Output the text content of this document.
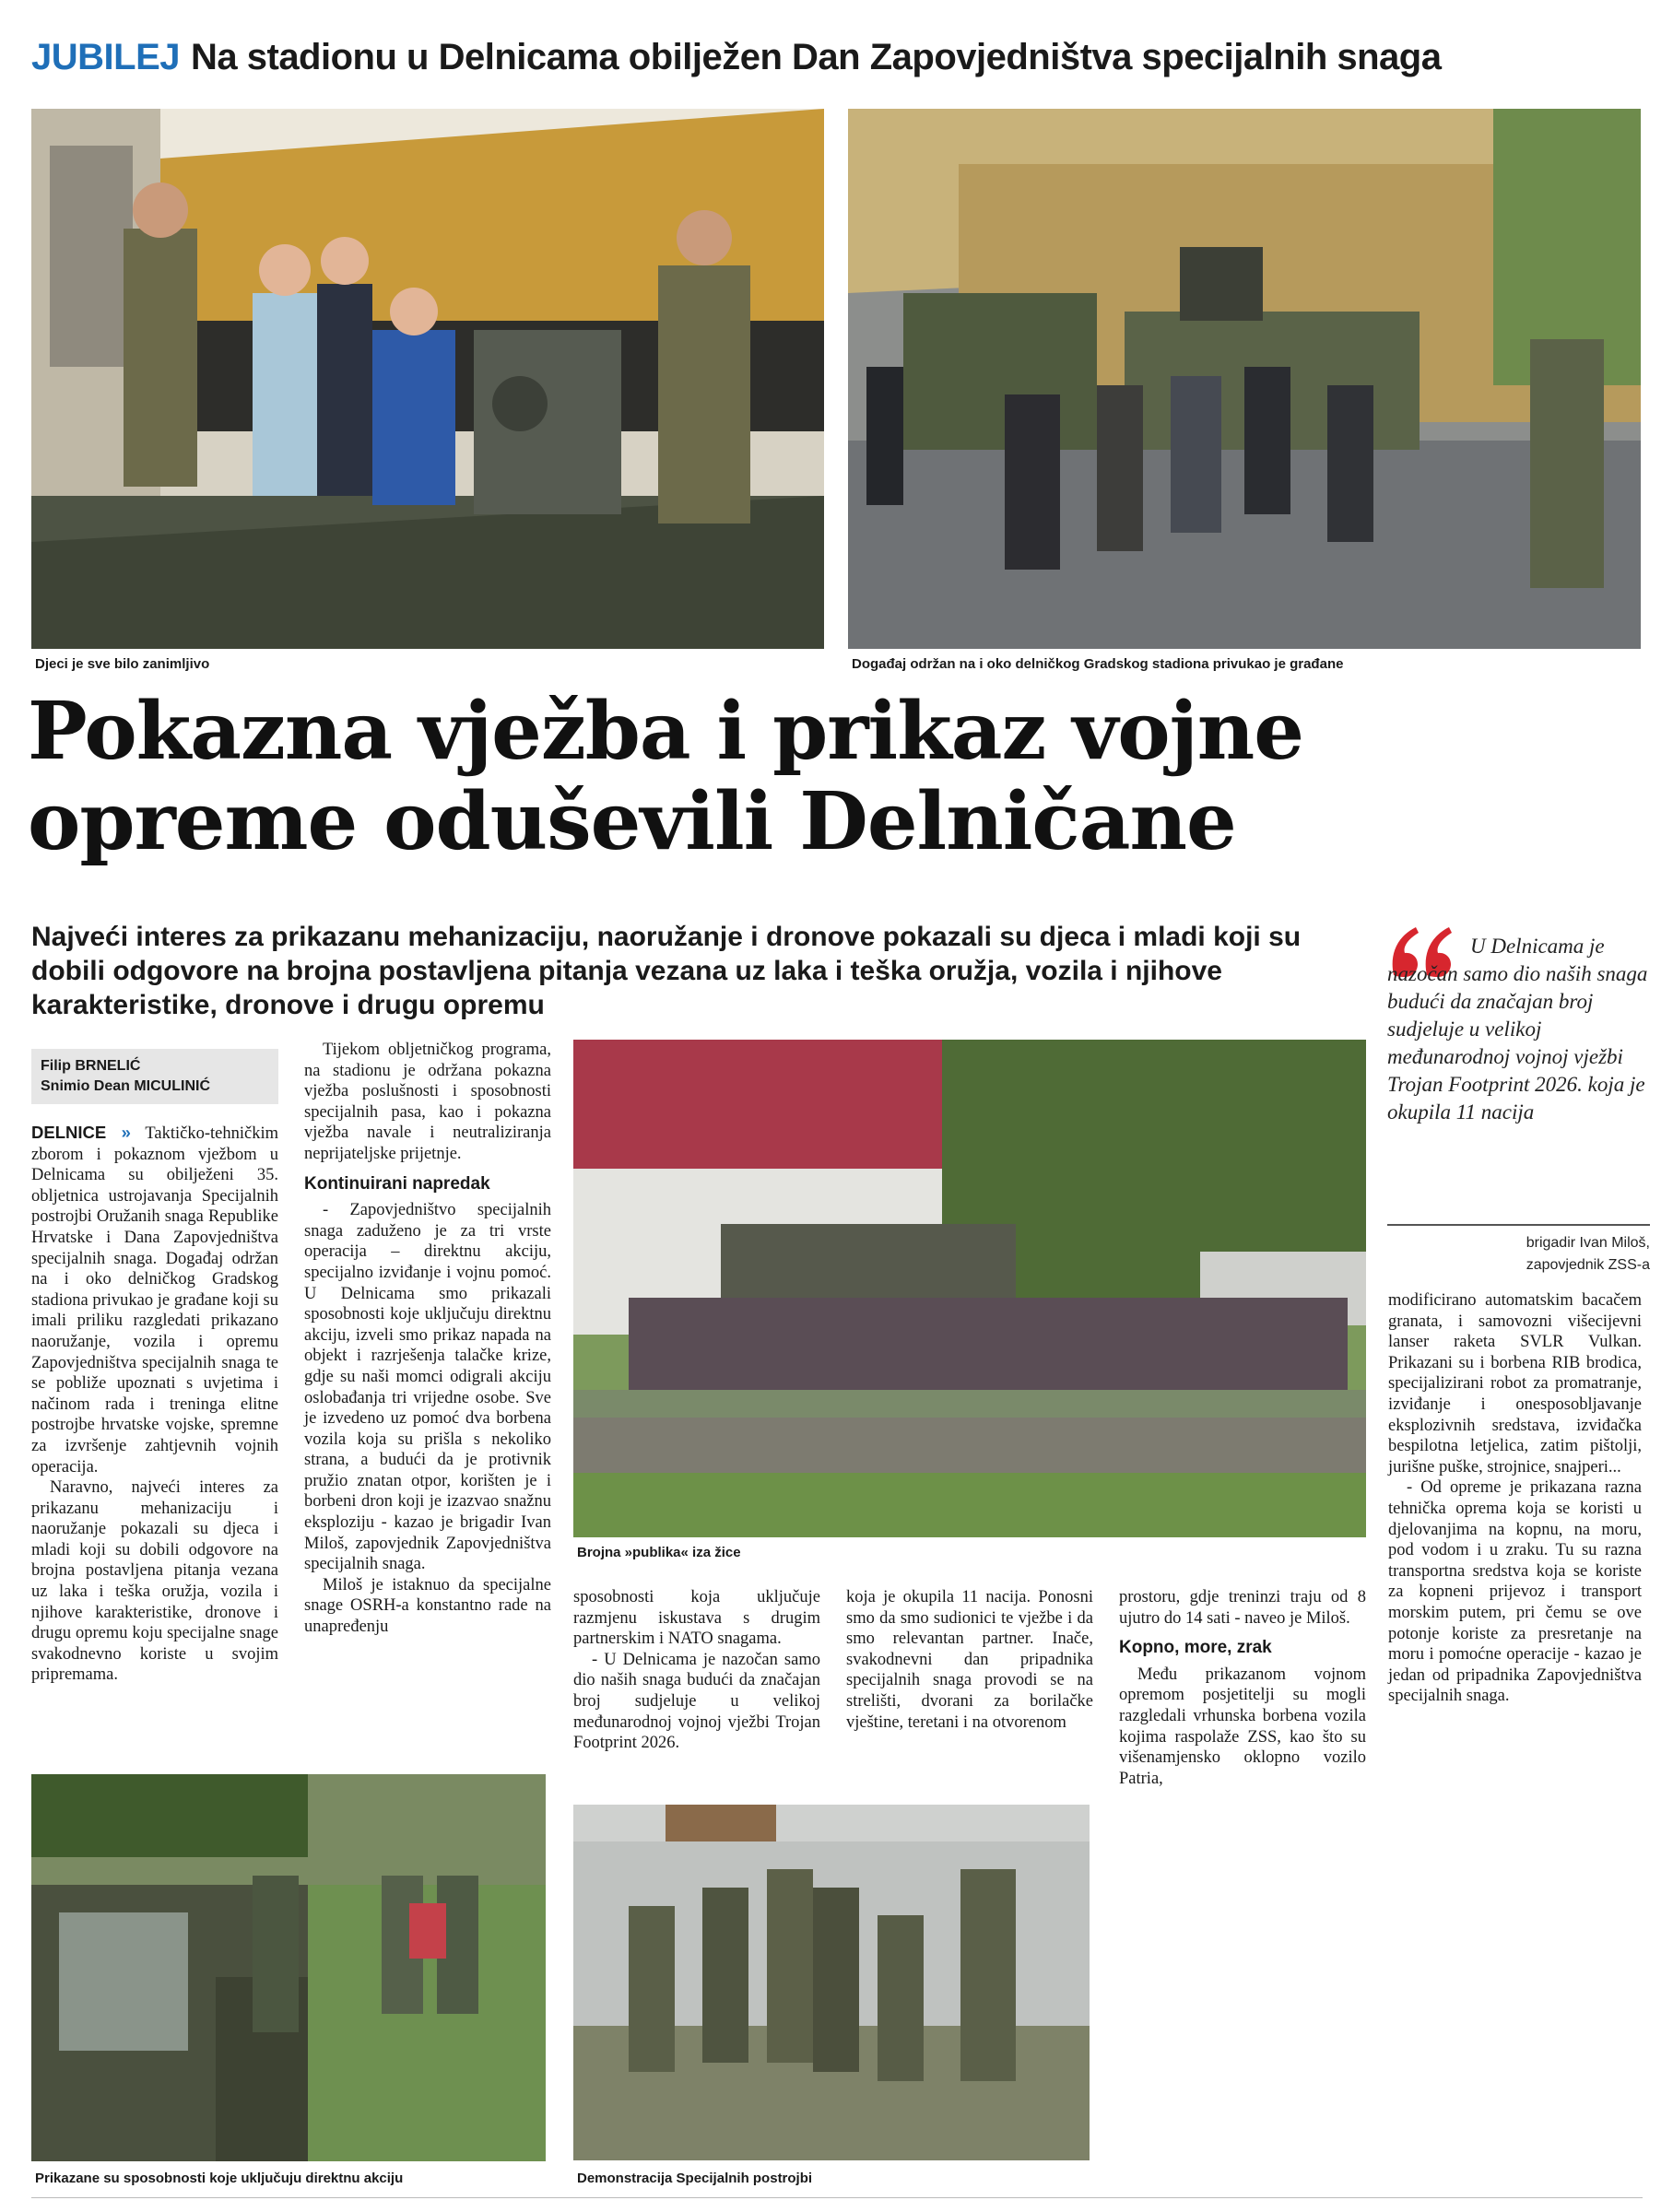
JUBILEJ Na stadionu u Delnicama obilježen Dan Zapovjedništva specijalnih snaga
Djeci je sve bilo zanimljivo	Događaj održan na i oko delničkog Gradskog stadiona privukao je građane
Pokazna vježba i prikaz vojne
opreme oduševili Delničane
Najveći interes za prikazanu mehanizaciju, naoružanje i dronove pokazali su djeca i mladi koji su dobili odgovore na brojna postavljena pitanja vezana uz laka i teška oružja, vozila i njihove karakteristike, dronove i drugu opremu
U Delnicama je nazočan samo dio naših snaga budući da značajan broj sudjeluje u velikoj međunarodnoj vojnoj vježbi Trojan Footprint 2026. koja je okupila 11 nacija
brigadir Ivan Miloš,
zapovjednik ZSS-a
Filip BRNELIĆ
Snimio Dean MICULINIĆ

DELNICE » Taktičko-tehničkim zborom i pokaznom vježbom u Delnicama su obilježeni 35. obljetnica ustrojavanja Specijalnih postrojbi Oružanih snaga Republike Hrvatske i Dana Zapovjedništva specijalnih snaga. Događaj održan na i oko delničkog Gradskog stadiona privukao je građane koji su imali priliku razgledati prikazano naoružanje, vozila i opremu Zapovjedništva specijalnih snaga te se pobliže upoznati s uvjetima i načinom rada i treninga elitne postrojbe hrvatske vojske, spremne za izvršenje zahtjevnih vojnih operacija.

Naravno, najveći interes za prikazanu mehanizaciju i naoružanje pokazali su djeca i mladi koji su dobili odgovore na brojna postavljena pitanja vezana uz laka i teška oružja, vozila i njihove karakteristike, dronove i drugu opremu koju specijalne snage svakodnevno koriste u svojim pripremama.

Tijekom obljetničkog programa, na stadionu je održana pokazna vježba poslušnosti i sposobnosti specijalnih pasa, kao i pokazna vježba navale i neutraliziranja neprijateljske prijetnje.

Kontinuirani napredak

- Zapovjedništvo specijalnih snaga zaduženo je za tri vrste operacija – direktnu akciju, specijalno izviđanje i vojnu pomoć. U Delnicama smo prikazali sposobnosti koje uključuju direktnu akciju, izveli smo prikaz napada na objekt i razrješenja talačke krize, gdje su naši momci odigrali akciju oslobađanja tri vrijedne osobe. Sve je izvedeno uz pomoć dva borbena vozila koja su prišla s nekoliko strana, a budući da je protivnik pružio znatan otpor, korišten je i borbeni dron koji je izazvao snažnu eksploziju - kazao je brigadir Ivan Miloš, zapovjednik Zapovjedništva specijalnih snaga.

Miloš je istaknuo da specijalne snage OSRH-a konstantno rade na unapređenju

Brojna »publika« iza žice

sposobnosti koja uključuje razmjenu iskustava s drugim partnerskim i NATO snagama.

- U Delnicama je nazočan samo dio naših snaga budući da značajan broj sudjeluje u velikoj međunarodnoj vojnoj vježbi Trojan Footprint 2026.

koja je okupila 11 nacija. Ponosni smo da smo sudionici te vježbe i da smo relevantan partner. Inače, svakodnevni dan pripadnika specijalnih snaga provodi se na strelišti, dvorani za borilačke vještine, teretani i na otvorenom

prostoru, gdje treninzi traju od 8 ujutro do 14 sati - naveo je Miloš.

Kopno, more, zrak

Među prikazanom vojnom opremom posjetitelji su mogli razgledali vrhunska borbena vozila kojima raspolaže ZSS, kao što su višenamjensko oklopno vozilo Patria,

modificirano automatskim bacačem granata, i samovozni višecijevni lanser raketa SVLR Vulkan. Prikazani su i borbena RIB brodica, specijalizirani robot za promatranje, izviđanje i onesposobljavanje eksplozivnih sredstava, izviđačka bespilotna letjelica, zatim pištolji, jurišne puške, strojnice, snajperi...

- Od opreme je prikazana razna tehnička oprema koja se koristi u djelovanjima na kopnu, na moru, pod vodom i u zraku. Tu su razna transportna sredstva koja se koriste za kopneni prijevoz i transport morskim putem, pri čemu se ove potonje koriste za presretanje na moru i pomoćne operacije - kazao je jedan od pripadnika Zapovjedništva specijalnih snaga.

Prikazane su sposobnosti koje uključuju direktnu akciju	Demonstracija Specijalnih postrojbi
